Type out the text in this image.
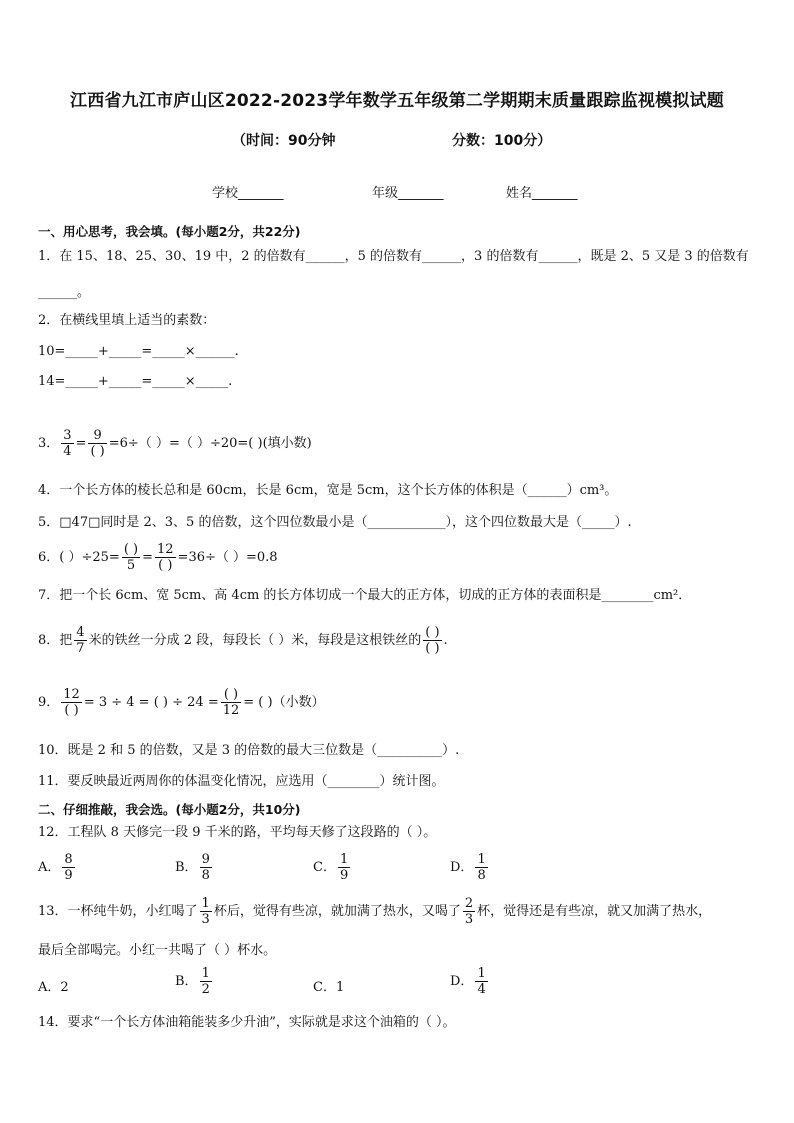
江西省九江市庐山区2022-2023学年数学五年级第二学期期末质量跟踪监视模拟试题
（时间：90分钟	分数：100分）
学校_______	年级_______	姓名_______
一、用心思考，我会填。(每小题2分，共22分)
1．在 15、18、25、30、19 中，2 的倍数有______，5 的倍数有______，3 的倍数有______，既是 2、5 又是 3 的倍数有
______。
2．在横线里填上适当的素数：
10=_____+_____=_____×______.
14=_____+_____=_____×_____.
3． $\frac{3}{4} = \frac{9}{( )} =6\div$（ ）=（ ）÷20=( )(填小数)
4．一个长方体的棱长总和是 60cm，长是 6cm，宽是 5cm，这个长方体的体积是（______）cm³。
5．□47□同时是 2、3、5 的倍数，这个四位数最小是（____________），这个四位数最大是（_____）.
6．( ）$\div 25= \frac{( )}{5} = \frac{12}{( )} =36\div$（ ）=0.8
7．把一个长 6cm、宽 5cm、高 4cm 的长方体切成一个最大的正方体，切成的正方体的表面积是________cm²．
8．把 $\frac{4}{7}$ 米的铁丝一分成 2 段，每段长（ ）米，每段是这根铁丝的 $\frac{( )}{( )}$ .
9． $\frac{12}{( )} = 3 \div 4$ = ( ) ÷ $24 = \frac{( )}{12}$ = ( )（小数）
10．既是 2 和 5 的倍数，又是 3 的倍数的最大三位数是（__________）.
11．要反映最近两周你的体温变化情况，应选用（________）统计图。
二、仔细推敲，我会选。(每小题2分，共10分)
12．工程队 8 天修完一段 9 千米的路，平均每天修了这段路的（ ）。
A． $\frac{8}{9}$	B． $\frac{9}{8}$	C． $\frac{1}{9}$	D． $\frac{1}{8}$
13．一杯纯牛奶，小红喝了 $\frac{1}{3}$ 杯后，觉得有些凉，就加满了热水，又喝了 $\frac{2}{3}$ 杯，觉得还是有些凉，就又加满了热水，
最后全部喝完。小红一共喝了（ ）杯水。
A．2	B． $\frac{1}{2}$	C．1	D． $\frac{1}{4}$
14．要求“一个长方体油箱能装多少升油”，实际就是求这个油箱的（ ）。
